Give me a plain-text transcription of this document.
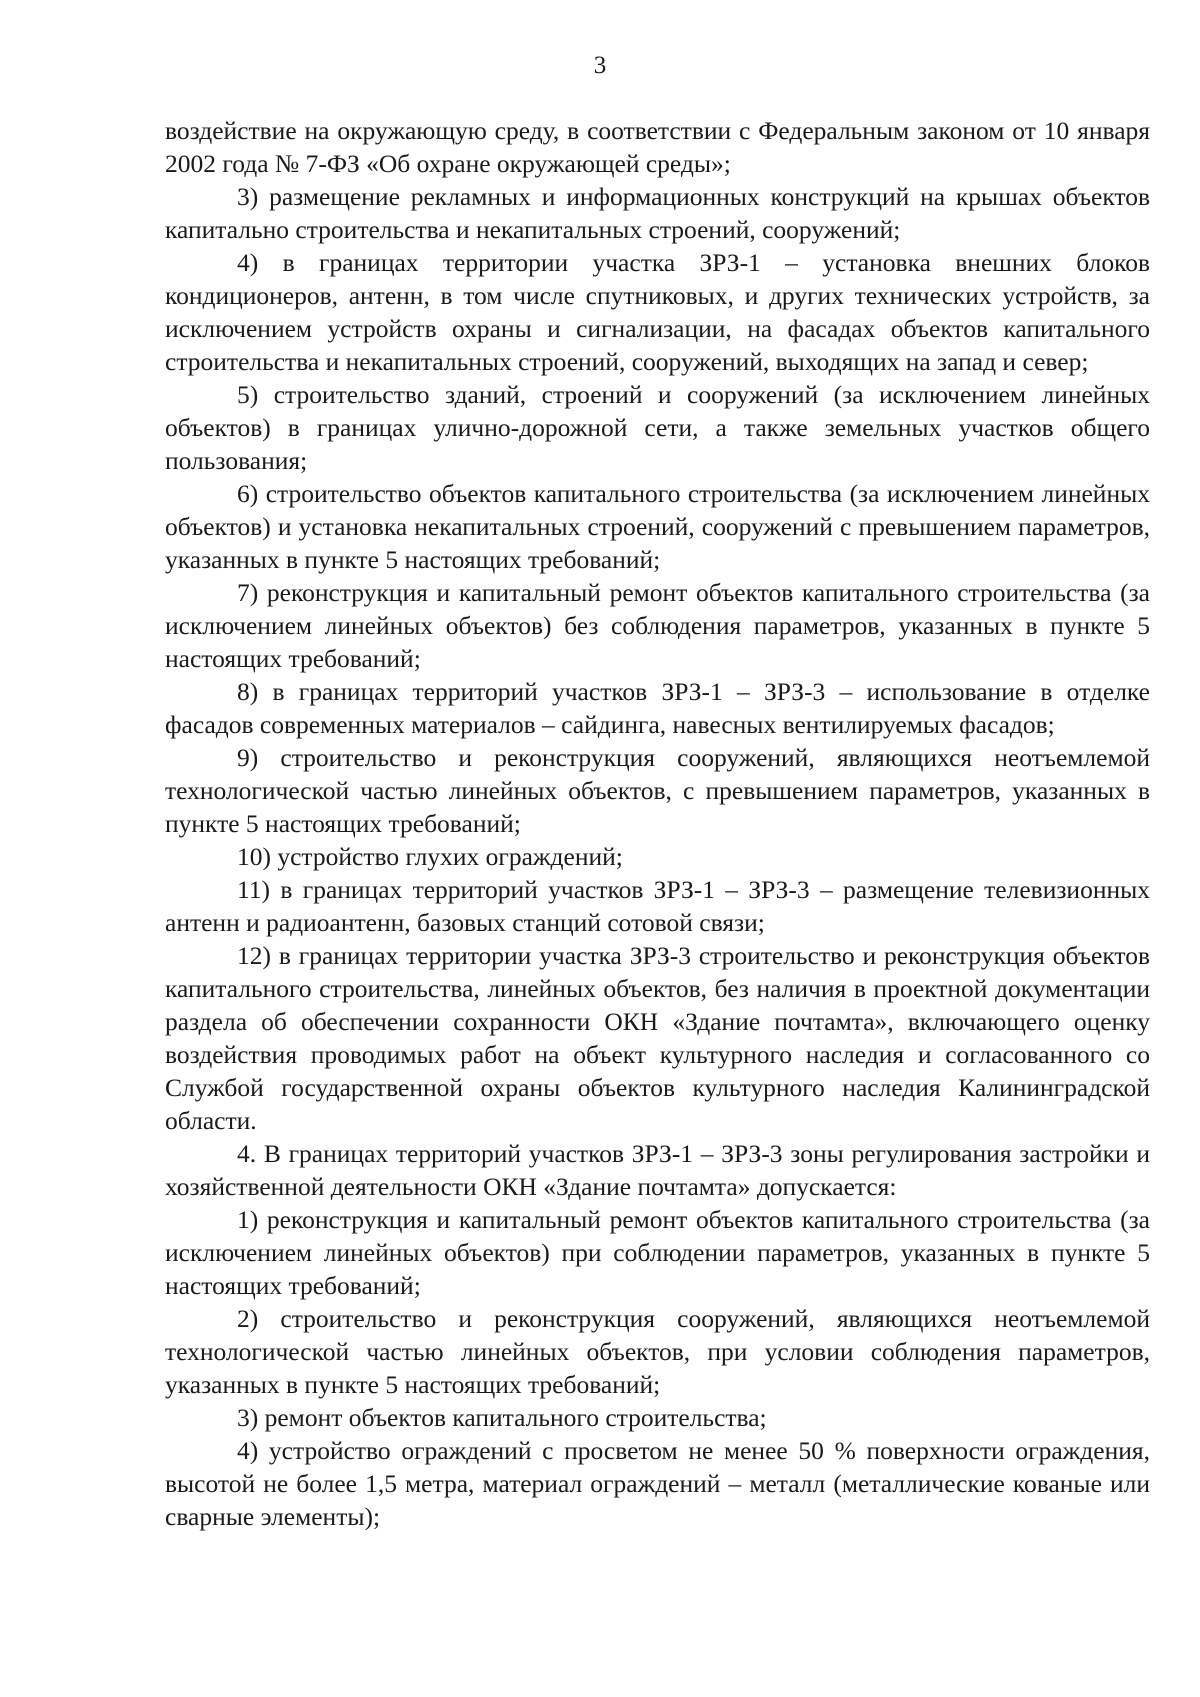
3

воздействие на окружающую среду, в соответствии с Федеральным законом от 10 января 2002 года № 7-ФЗ «Об охране окружающей среды»;

3) размещение рекламных и информационных конструкций на крышах объектов капитально строительства и некапитальных строений, сооружений;

4) в границах территории участка ЗРЗ-1 – установка внешних блоков кондиционеров, антенн, в том числе спутниковых, и других технических устройств, за исключением устройств охраны и сигнализации, на фасадах объектов капитального строительства и некапитальных строений, сооружений, выходящих на запад и север;

5) строительство зданий, строений и сооружений (за исключением линейных объектов) в границах улично-дорожной сети, а также земельных участков общего пользования;

6) строительство объектов капитального строительства (за исключением линейных объектов) и установка некапитальных строений, сооружений с превышением параметров, указанных в пункте 5 настоящих требований;

7) реконструкция и капитальный ремонт объектов капитального строительства (за исключением линейных объектов) без соблюдения параметров, указанных в пункте 5 настоящих требований;

8) в границах территорий участков ЗРЗ-1 – ЗРЗ-3 – использование в отделке фасадов современных материалов – сайдинга, навесных вентилируемых фасадов;

9) строительство и реконструкция сооружений, являющихся неотъемлемой технологической частью линейных объектов, с превышением параметров, указанных в пункте 5 настоящих требований;

10) устройство глухих ограждений;

11) в границах территорий участков ЗРЗ-1 – ЗРЗ-3 – размещение телевизионных антенн и радиоантенн, базовых станций сотовой связи;

12) в границах территории участка ЗРЗ-3 строительство и реконструкция объектов капитального строительства, линейных объектов, без наличия в проектной документации раздела об обеспечении сохранности ОКН «Здание почтамта», включающего оценку воздействия проводимых работ на объект культурного наследия и согласованного со Службой государственной охраны объектов культурного наследия Калининградской области.

4. В границах территорий участков ЗРЗ-1 – ЗРЗ-3 зоны регулирования застройки и хозяйственной деятельности ОКН «Здание почтамта» допускается:

1) реконструкция и капитальный ремонт объектов капитального строительства (за исключением линейных объектов) при соблюдении параметров, указанных в пункте 5 настоящих требований;

2) строительство и реконструкция сооружений, являющихся неотъемлемой технологической частью линейных объектов, при условии соблюдения параметров, указанных в пункте 5 настоящих требований;

3) ремонт объектов капитального строительства;

4) устройство ограждений с просветом не менее 50 % поверхности ограждения, высотой не более 1,5 метра, материал ограждений – металл (металлические кованые или сварные элементы);
